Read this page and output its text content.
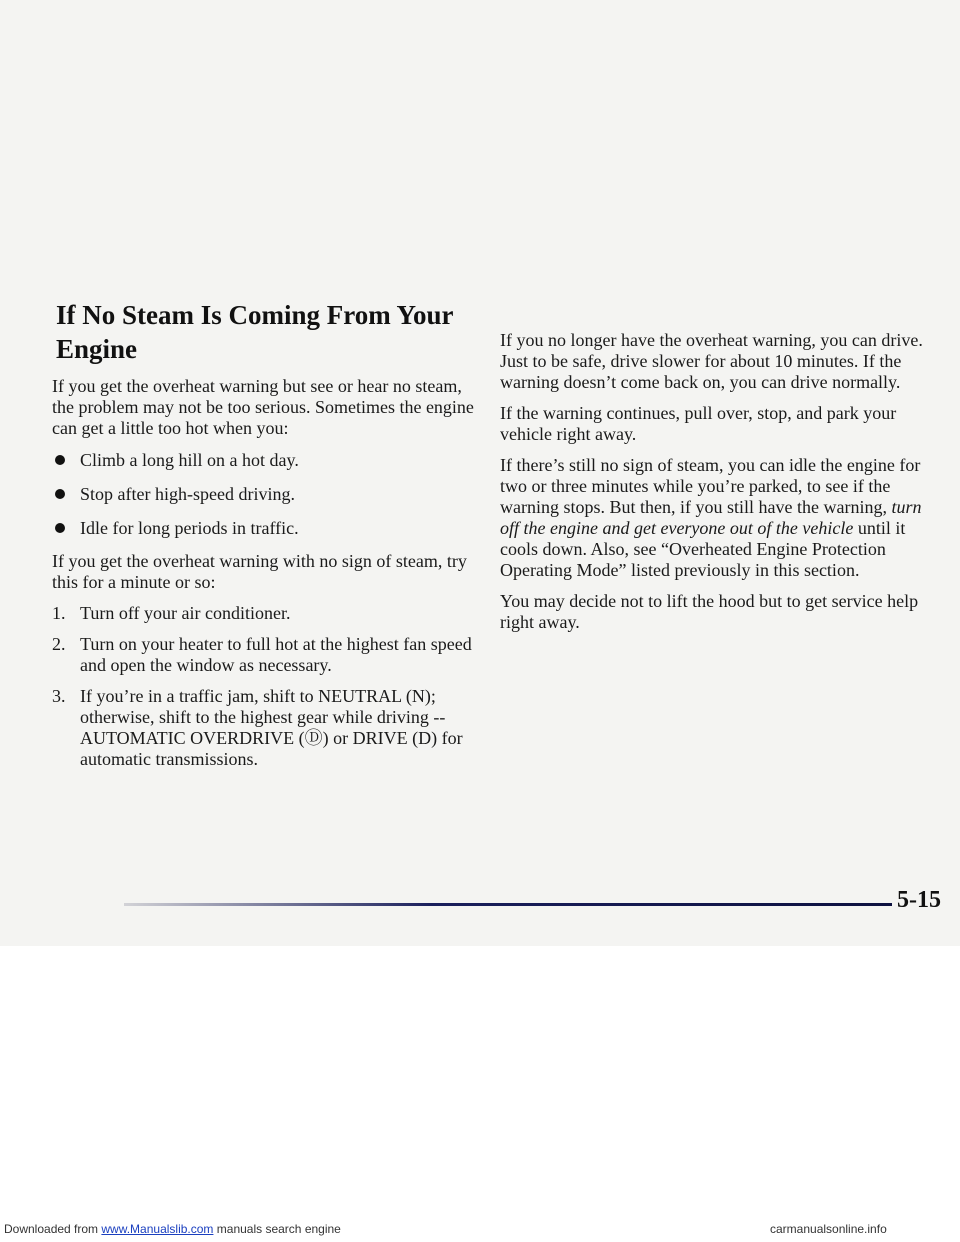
If No Steam Is Coming From Your Engine

If you get the overheat warning but see or hear no steam, the problem may not be too serious. Sometimes the engine can get a little too hot when you:

Climb a long hill on a hot day.
Stop after high-speed driving.
Idle for long periods in traffic.

If you get the overheat warning with no sign of steam, try this for a minute or so:

1. Turn off your air conditioner.
2. Turn on your heater to full hot at the highest fan speed and open the window as necessary.
3. If you’re in a traffic jam, shift to NEUTRAL (N); otherwise, shift to the highest gear while driving -- AUTOMATIC OVERDRIVE (Ⓓ) or DRIVE (D) for automatic transmissions.

If you no longer have the overheat warning, you can drive. Just to be safe, drive slower for about 10 minutes. If the warning doesn’t come back on, you can drive normally.

If the warning continues, pull over, stop, and park your vehicle right away.

If there’s still no sign of steam, you can idle the engine for two or three minutes while you’re parked, to see if the warning stops. But then, if you still have the warning, turn off the engine and get everyone out of the vehicle until it cools down. Also, see “Overheated Engine Protection Operating Mode” listed previously in this section.

You may decide not to lift the hood but to get service help right away.

5-15
Downloaded from www.Manualslib.com manuals search engine	carmanualsonline.info
